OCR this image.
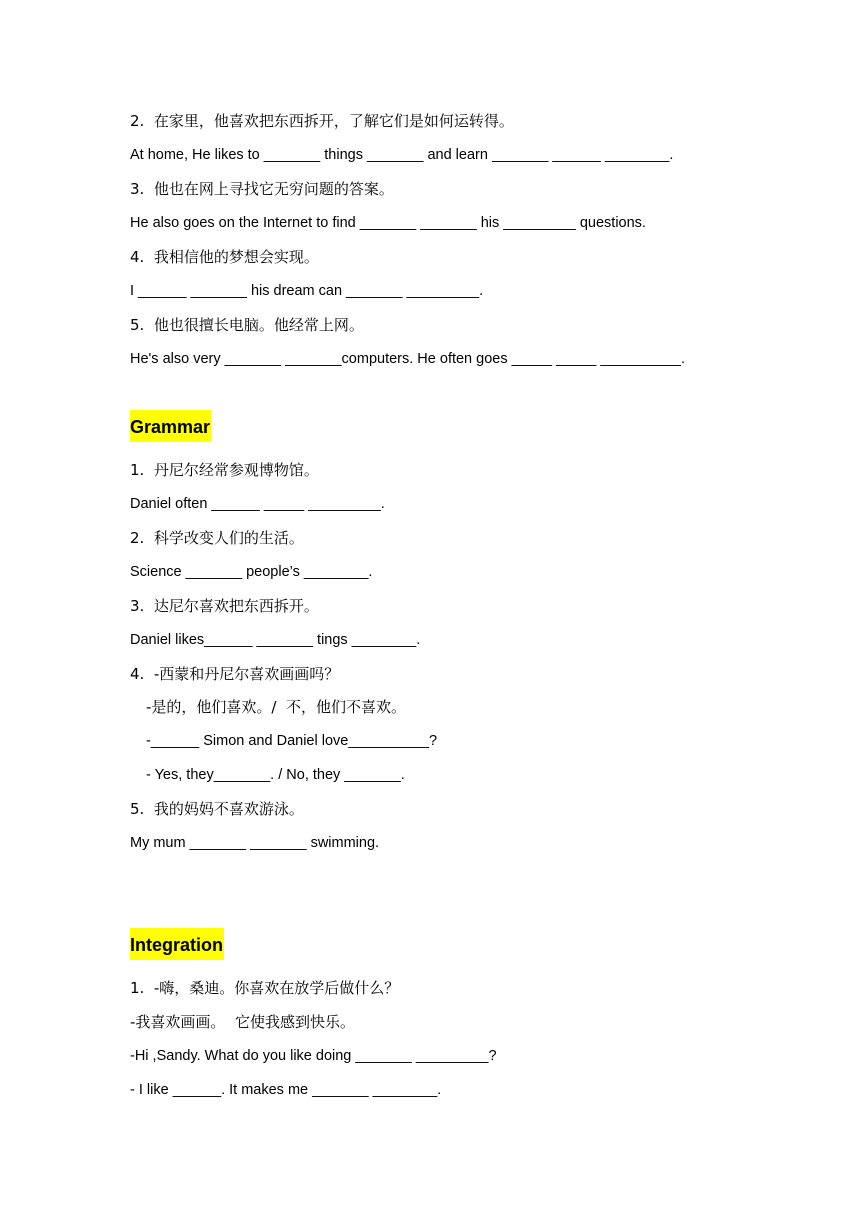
2.  在家里，他喜欢把东西拆开，了解它们是如何运转得。
At home, He likes to _______ things _______ and learn _______ ______ ________.
3.  他也在网上寻找它无穷问题的答案。
He also goes on the Internet to find _______ _______ his _________ questions.
4.  我相信他的梦想会实现。
I ______ _______ his dream can _______ _________.
5.  他也很擅长电脑。他经常上网。
He's also very _______ _______computers. He often goes _____ _____ __________.
Grammar
1.  丹尼尔经常参观博物馆。
Daniel often ______ _____ _________.
2.  科学改变人们的生活。
Science _______ people’s ________.
3.  达尼尔喜欢把东西拆开。
Daniel likes______ _______ tings ________.
4.  -西蒙和丹尼尔喜欢画画吗？
-是的，他们喜欢。/  不，他们不喜欢。
-______ Simon and Daniel love__________?
- Yes, they_______. / No, they _______.
5.  我的妈妈不喜欢游泳。
My mum _______ _______ swimming.
Integration
1.  -嗨，桑迪。你喜欢在放学后做什么？
-我喜欢画画。  它使我感到快乐。
-Hi ,Sandy. What do you like doing _______ _________?
- I like ______. It makes me _______ ________.
